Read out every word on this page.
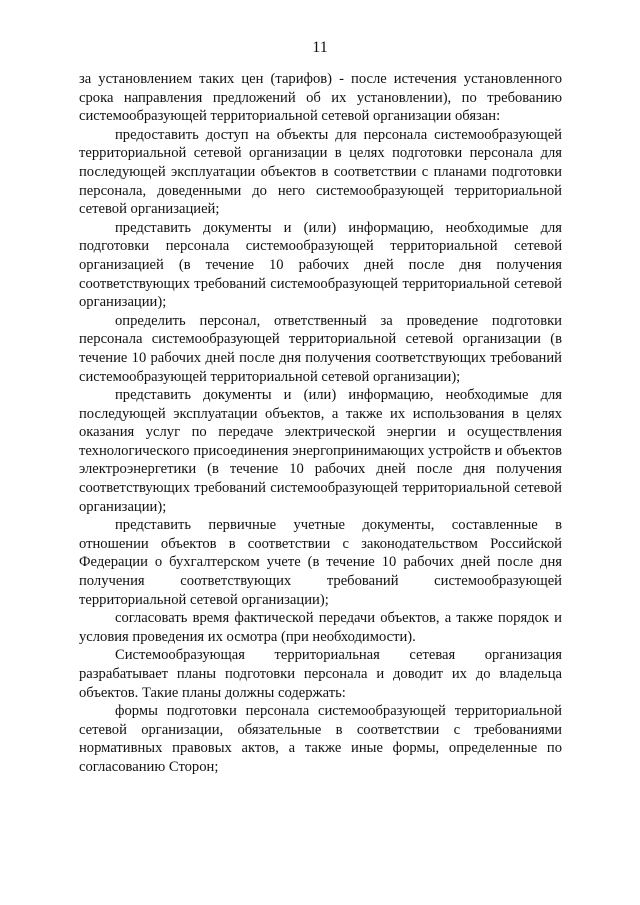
11

за установлением таких цен (тарифов) - после истечения установленного срока направления предложений об их установлении), по требованию системообразующей территориальной сетевой организации обязан:

предоставить доступ на объекты для персонала системообразующей территориальной сетевой организации в целях подготовки персонала для последующей эксплуатации объектов в соответствии с планами подготовки персонала, доведенными до него системообразующей территориальной сетевой организацией;

представить документы и (или) информацию, необходимые для подготовки персонала системообразующей территориальной сетевой организацией (в течение 10 рабочих дней после дня получения соответствующих требований системообразующей территориальной сетевой организации);

определить персонал, ответственный за проведение подготовки персонала системообразующей территориальной сетевой организации (в течение 10 рабочих дней после дня получения соответствующих требований системообразующей территориальной сетевой организации);

представить документы и (или) информацию, необходимые для последующей эксплуатации объектов, а также их использования в целях оказания услуг по передаче электрической энергии и осуществления технологического присоединения энергопринимающих устройств и объектов электроэнергетики (в течение 10 рабочих дней после дня получения соответствующих требований системообразующей территориальной сетевой организации);

представить первичные учетные документы, составленные в отношении объектов в соответствии с законодательством Российской Федерации о бухгалтерском учете (в течение 10 рабочих дней после дня получения соответствующих требований системообразующей территориальной сетевой организации);

согласовать время фактической передачи объектов, а также порядок и условия проведения их осмотра (при необходимости).

Системообразующая территориальная сетевая организация разрабатывает планы подготовки персонала и доводит их до владельца объектов. Такие планы должны содержать:

формы подготовки персонала системообразующей территориальной сетевой организации, обязательные в соответствии с требованиями нормативных правовых актов, а также иные формы, определенные по согласованию Сторон;
